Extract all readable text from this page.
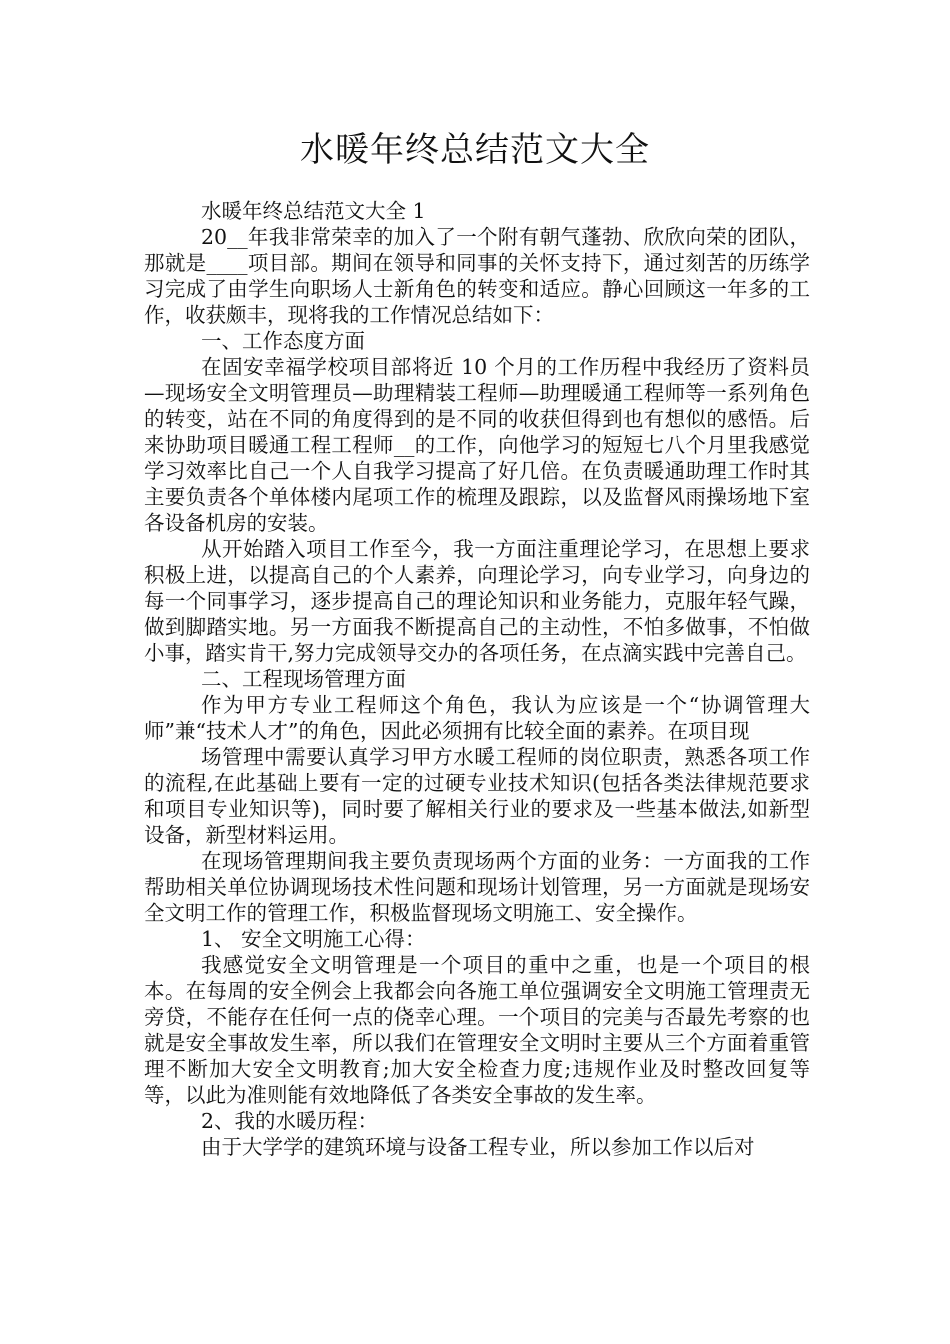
水暖年终总结范文大全

水暖年终总结范文大全 1

20__年我非常荣幸的加入了一个附有朝气蓬勃、欣欣向荣的团队，那就是____项目部。期间在领导和同事的关怀支持下，通过刻苦的历练学习完成了由学生向职场人士新角色的转变和适应。静心回顾这一年多的工作，收获颇丰，现将我的工作情况总结如下：

一、工作态度方面

在固安幸福学校项目部将近 10 个月的工作历程中我经历了资料员—现场安全文明管理员—助理精装工程师—助理暖通工程师等一系列角色的转变，站在不同的角度得到的是不同的收获但得到也有想似的感悟。后来协助项目暖通工程工程师__的工作，向他学习的短短七八个月里我感觉学习效率比自己一个人自我学习提高了好几倍。在负责暖通助理工作时其主要负责各个单体楼内尾项工作的梳理及跟踪，以及监督风雨操场地下室各设备机房的安装。

从开始踏入项目工作至今，我一方面注重理论学习，在思想上要求积极上进，以提高自己的个人素养，向理论学习，向专业学习，向身边的每一个同事学习，逐步提高自己的理论知识和业务能力，克服年轻气躁，做到脚踏实地。另一方面我不断提高自己的主动性，不怕多做事，不怕做小事，踏实肯干,努力完成领导交办的各项任务，在点滴实践中完善自己。

二、工程现场管理方面

作为甲方专业工程师这个角色，我认为应该是一个“协调管理大师”兼“技术人才”的角色，因此必须拥有比较全面的素养。在项目现

场管理中需要认真学习甲方水暖工程师的岗位职责，熟悉各项工作的流程,在此基础上要有一定的过硬专业技术知识(包括各类法律规范要求和项目专业知识等)，同时要了解相关行业的要求及一些基本做法,如新型设备，新型材料运用。

在现场管理期间我主要负责现场两个方面的业务：一方面我的工作帮助相关单位协调现场技术性问题和现场计划管理，另一方面就是现场安全文明工作的管理工作，积极监督现场文明施工、安全操作。

1、 安全文明施工心得：

我感觉安全文明管理是一个项目的重中之重，也是一个项目的根本。在每周的安全例会上我都会向各施工单位强调安全文明施工管理责无旁贷，不能存在任何一点的侥幸心理。一个项目的完美与否最先考察的也就是安全事故发生率，所以我们在管理安全文明时主要从三个方面着重管理不断加大安全文明教育;加大安全检查力度;违规作业及时整改回复等等，以此为准则能有效地降低了各类安全事故的发生率。

2、我的水暖历程：

由于大学学的建筑环境与设备工程专业，所以参加工作以后对
